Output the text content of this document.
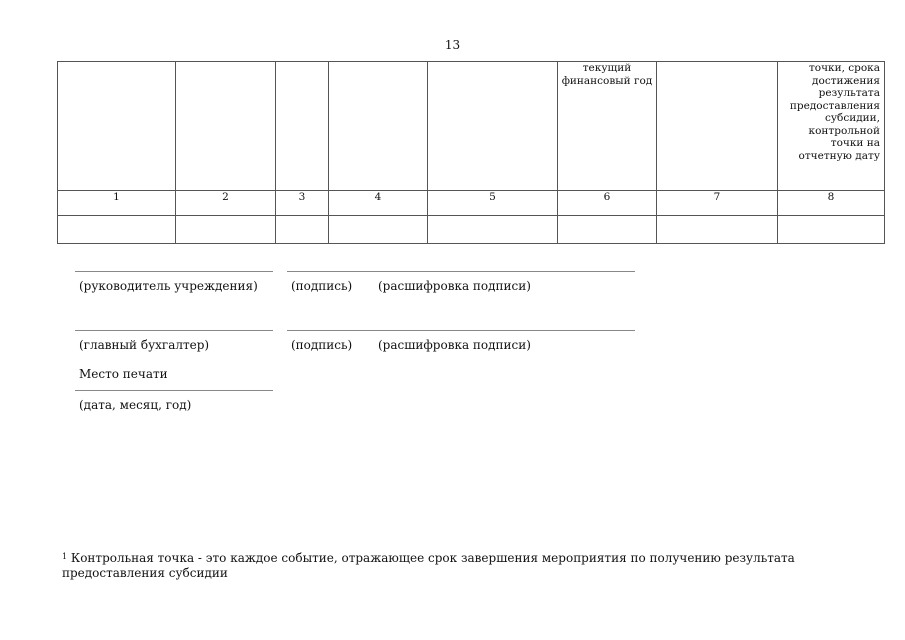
13
					текущий финансовый год		точки, срока достижения результата предоставления субсидии, контрольной точки на отчетную дату
1	2	3	4	5	6	7	8

(руководитель учреждения)	(подпись) (расшифровка подписи)
(главный бухгалтер)	(подпись) (расшифровка подписи)
Место печати
(дата, месяц, год)
$^1$ Контрольная точка - это каждое событие, отражающее срок завершения мероприятия по получению результата предоставления субсидии
